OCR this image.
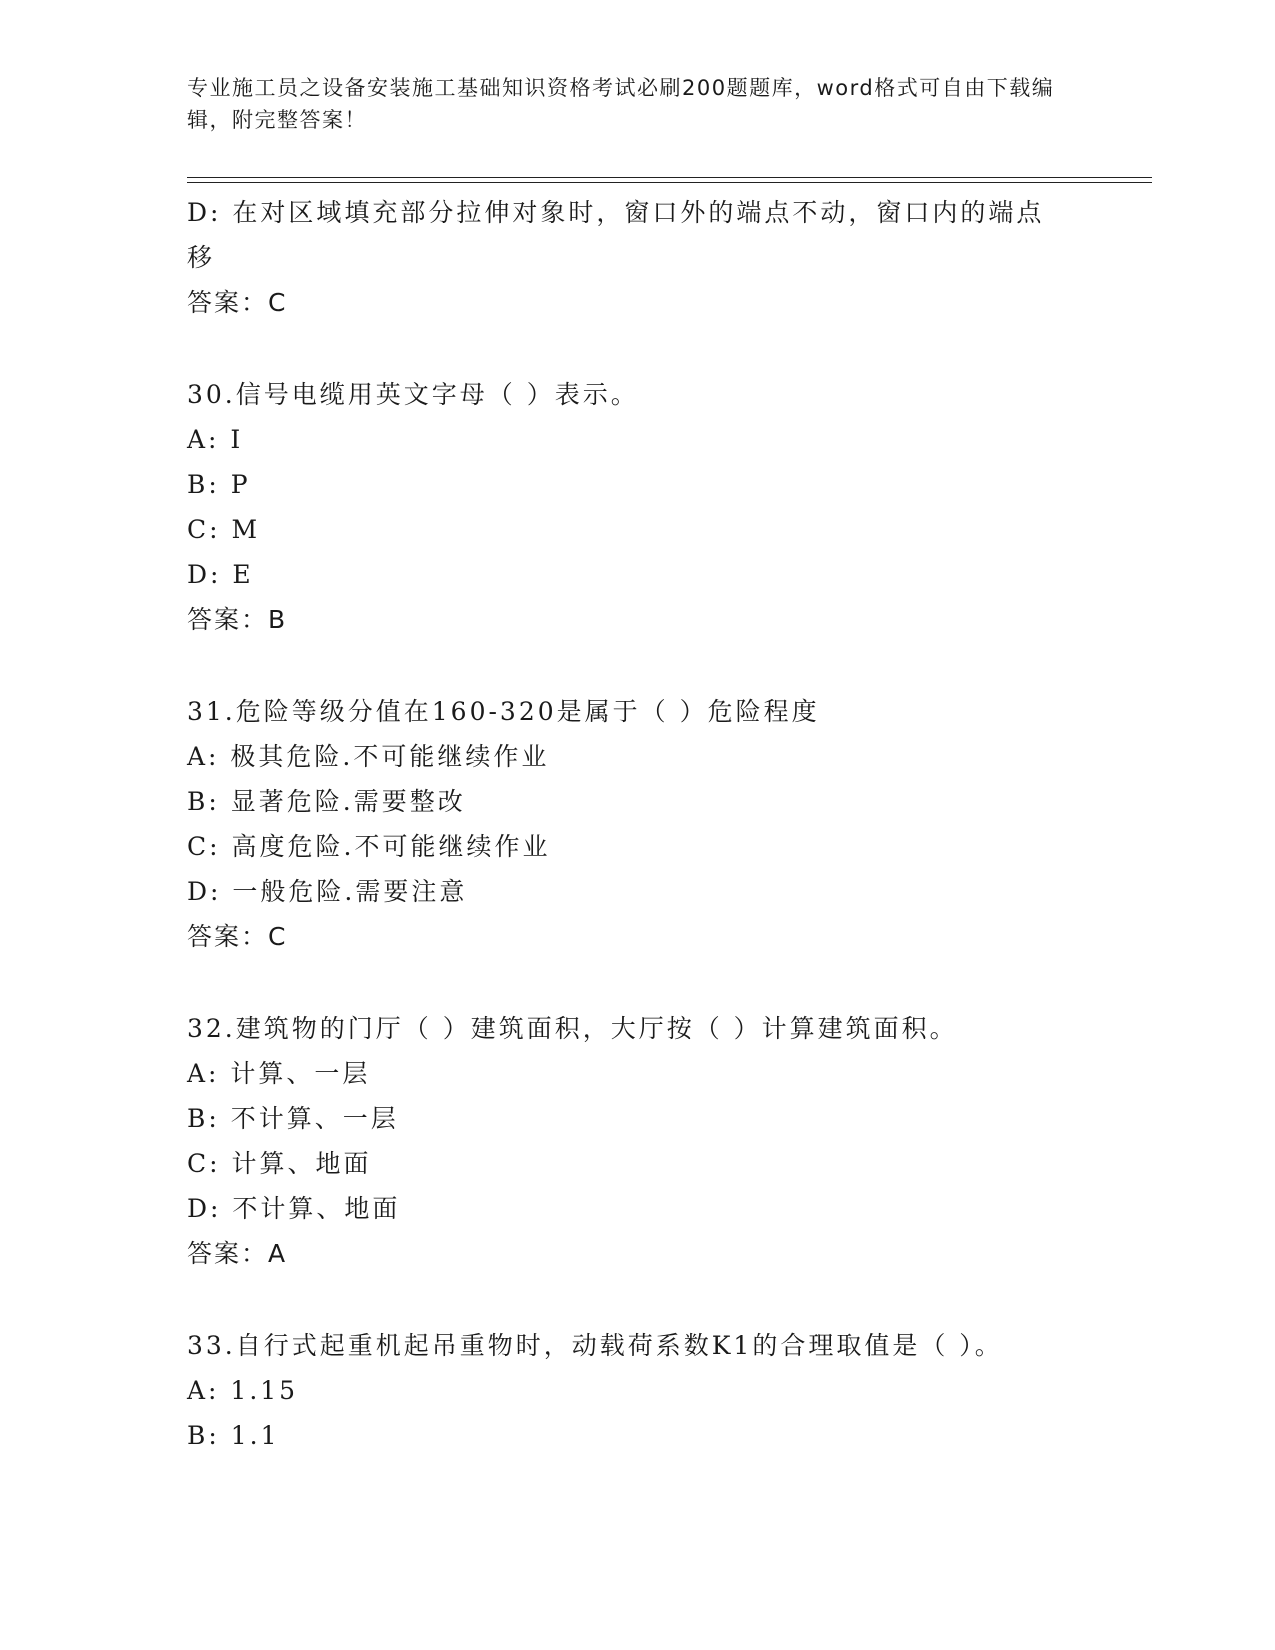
专业施工员之设备安装施工基础知识资格考试必刷200题题库，word格式可自由下载编辑，附完整答案！
D: 在对区域填充部分拉伸对象时，窗口外的端点不动，窗口内的端点移
答案：C
30.信号电缆用英文字母（ ）表示。
A: I
B: P
C: M
D: E
答案：B
31.危险等级分值在160-320是属于（ ）危险程度
A: 极其危险.不可能继续作业
B: 显著危险.需要整改
C: 高度危险.不可能继续作业
D: 一般危险.需要注意
答案：C
32.建筑物的门厅（ ）建筑面积，大厅按（ ）计算建筑面积。
A: 计算、一层
B: 不计算、一层
C: 计算、地面
D: 不计算、地面
答案：A
33.自行式起重机起吊重物时，动载荷系数K1的合理取值是（ ）。
A: 1.15
B: 1.1
